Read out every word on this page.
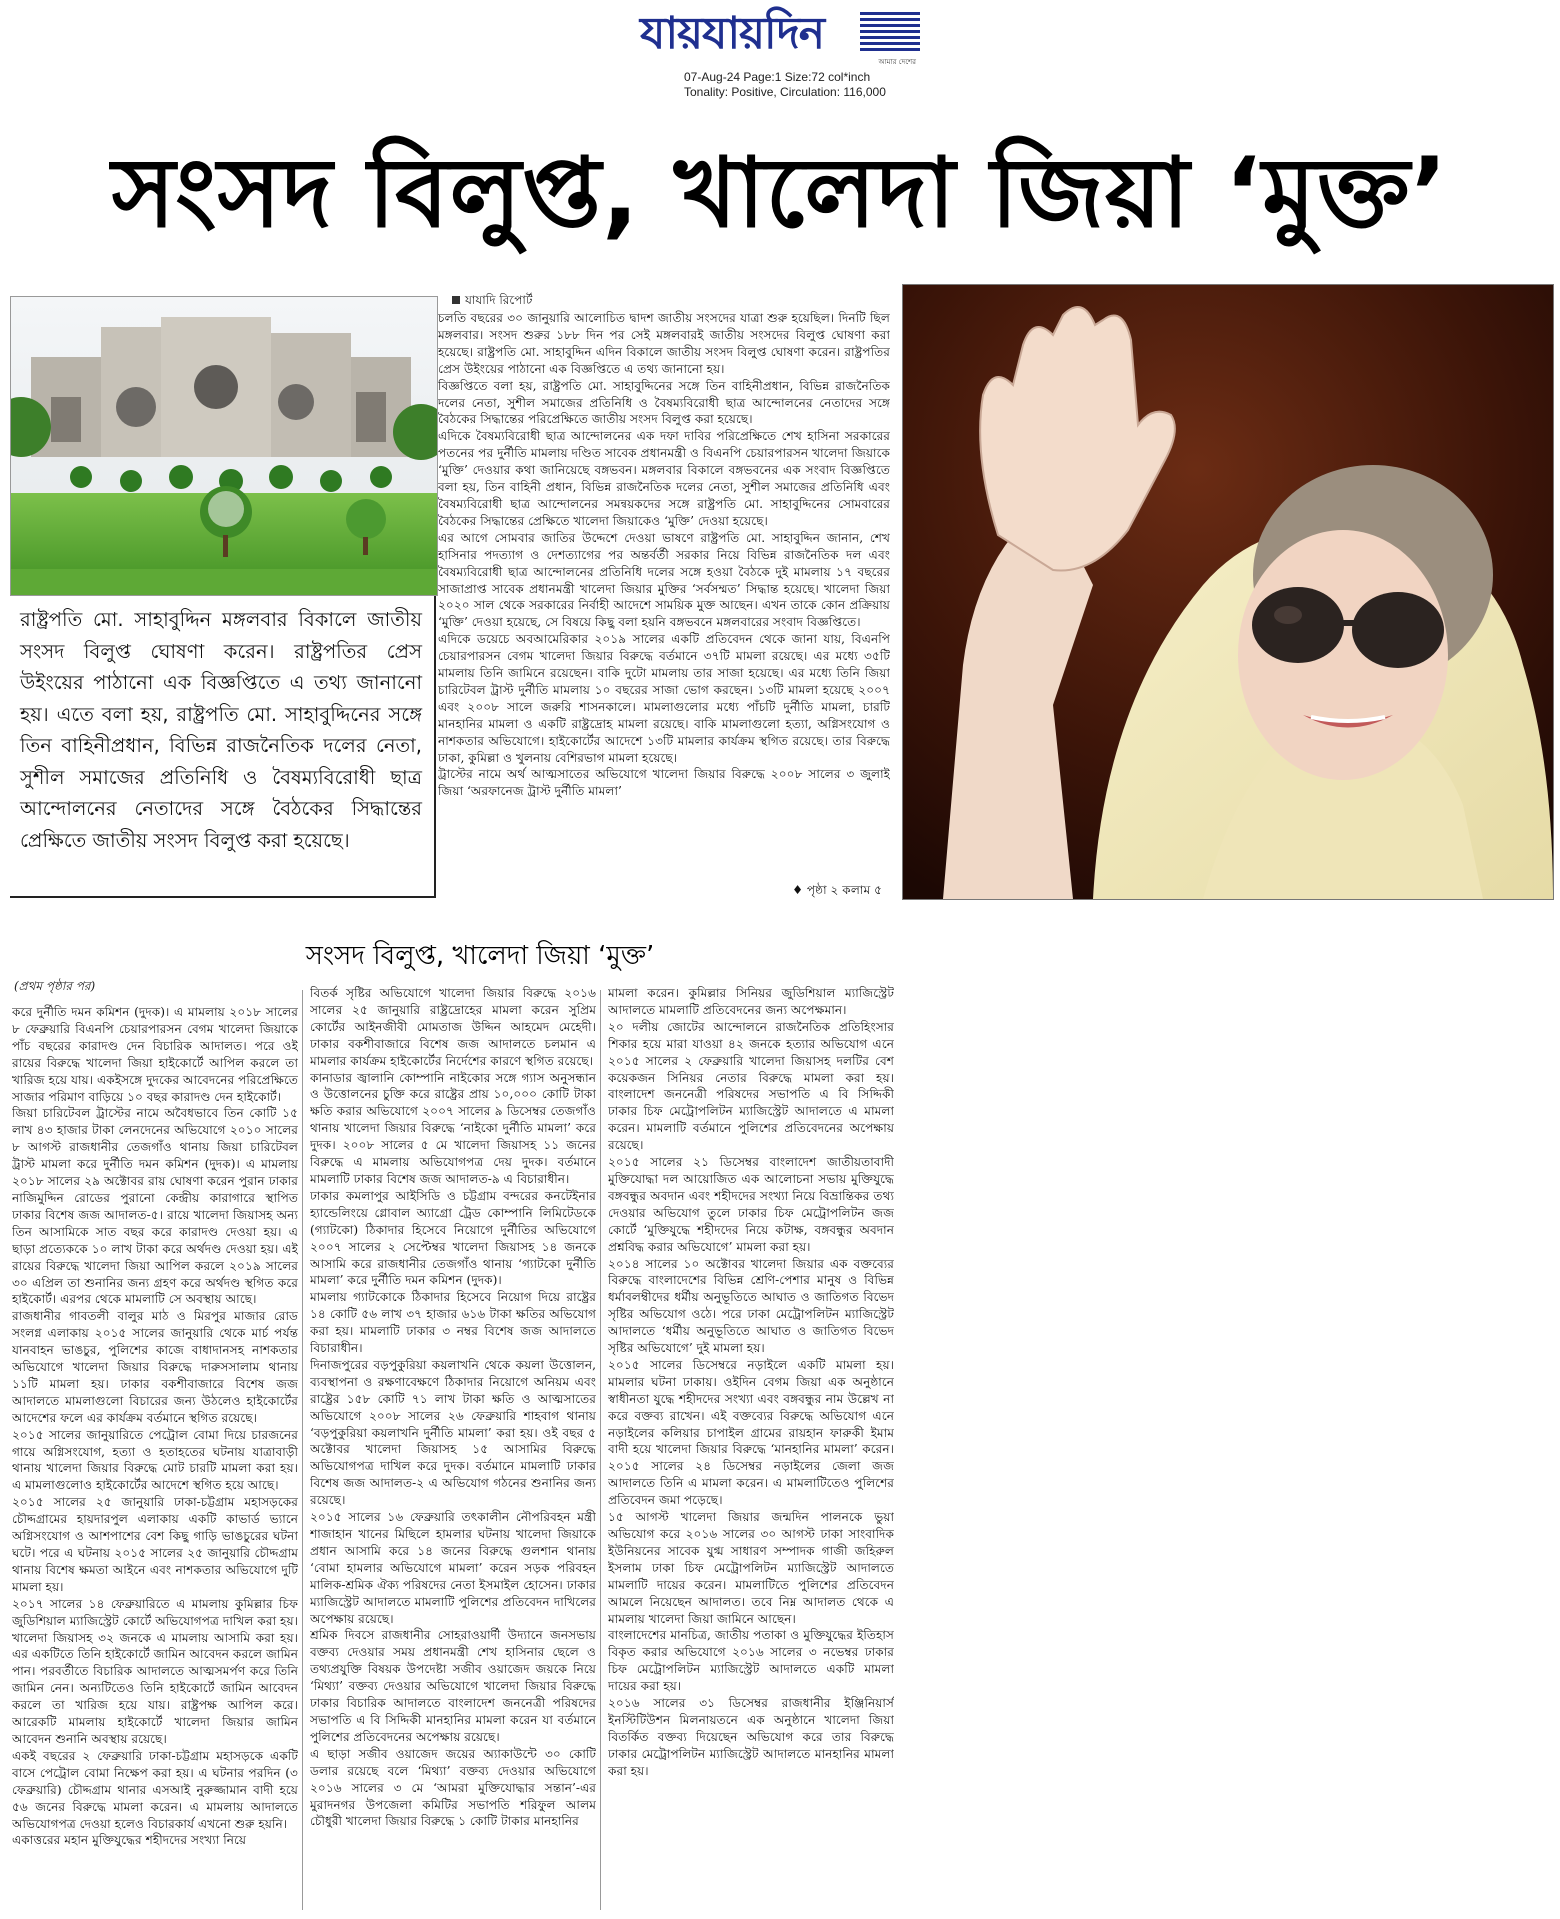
যায়যায়দিন
আমার দেশের
07-Aug-24 Page:1 Size:72 col*inch
Tonality: Positive, Circulation: 116,000
সংসদ বিলুপ্ত, খালেদা জিয়া ‘মুক্ত’

রাষ্ট্রপতি মো. সাহাবুদ্দিন মঙ্গলবার বিকালে জাতীয় সংসদ বিলুপ্ত ঘোষণা করেন। রাষ্ট্রপতির প্রেস উইংয়ের পাঠানো এক বিজ্ঞপ্তিতে এ তথ্য জানানো হয়। এতে বলা হয়, রাষ্ট্রপতি মো. সাহাবুদ্দিনের সঙ্গে তিন বাহিনীপ্রধান, বিভিন্ন রাজনৈতিক দলের নেতা, সুশীল সমাজের প্রতিনিধি ও বৈষম্যবিরোধী ছাত্র আন্দোলনের নেতাদের সঙ্গে বৈঠকের সিদ্ধান্তের প্রেক্ষিতে জাতীয় সংসদ বিলুপ্ত করা হয়েছে।

যাযাদি রিপোর্ট

চলতি বছরের ৩০ জানুয়ারি আলোচিত দ্বাদশ জাতীয় সংসদের যাত্রা শুরু হয়েছিল। দিনটি ছিল মঙ্গলবার। সংসদ শুরুর ১৮৮ দিন পর সেই মঙ্গলবারই জাতীয় সংসদের বিলুপ্ত ঘোষণা করা হয়েছে। রাষ্ট্রপতি মো. সাহাবুদ্দিন এদিন বিকালে জাতীয় সংসদ বিলুপ্ত ঘোষণা করেন। রাষ্ট্রপতির প্রেস উইংয়ের পাঠানো এক বিজ্ঞপ্তিতে এ তথ্য জানানো হয়।

বিজ্ঞপ্তিতে বলা হয়, রাষ্ট্রপতি মো. সাহাবুদ্দিনের সঙ্গে তিন বাহিনীপ্রধান, বিভিন্ন রাজনৈতিক দলের নেতা, সুশীল সমাজের প্রতিনিধি ও বৈষম্যবিরোধী ছাত্র আন্দোলনের নেতাদের সঙ্গে বৈঠকের সিদ্ধান্তের পরিপ্রেক্ষিতে জাতীয় সংসদ বিলুপ্ত করা হয়েছে।

এদিকে বৈষম্যবিরোধী ছাত্র আন্দোলনের এক দফা দাবির পরিপ্রেক্ষিতে শেখ হাসিনা সরকারের পতনের পর দুর্নীতি মামলায় দণ্ডিত সাবেক প্রধানমন্ত্রী ও বিএনপি চেয়ারপারসন খালেদা জিয়াকে ‘মুক্তি’ দেওয়ার কথা জানিয়েছে বঙ্গভবন। মঙ্গলবার বিকালে বঙ্গভবনের এক সংবাদ বিজ্ঞপ্তিতে বলা হয়, তিন বাহিনী প্রধান, বিভিন্ন রাজনৈতিক দলের নেতা, সুশীল সমাজের প্রতিনিধি এবং বৈষম্যবিরোধী ছাত্র আন্দোলনের সমন্বয়কদের সঙ্গে রাষ্ট্রপতি মো. সাহাবুদ্দিনের সোমবারের বৈঠকের সিদ্ধান্তের প্রেক্ষিতে খালেদা জিয়াকেও ‘মুক্তি’ দেওয়া হয়েছে।

এর আগে সোমবার জাতির উদ্দেশে দেওয়া ভাষণে রাষ্ট্রপতি মো. সাহাবুদ্দিন জানান, শেখ হাসিনার পদত্যাগ ও দেশত্যাগের পর অন্তর্বর্তী সরকার নিয়ে বিভিন্ন রাজনৈতিক দল এবং বৈষম্যবিরোধী ছাত্র আন্দোলনের প্রতিনিধি দলের সঙ্গে হওয়া বৈঠকে দুই মামলায় ১৭ বছরের সাজাপ্রাপ্ত সাবেক প্রধানমন্ত্রী খালেদা জিয়ার মুক্তির ‘সর্বসম্মত’ সিদ্ধান্ত হয়েছে। খালেদা জিয়া ২০২০ সাল থেকে সরকারের নির্বাহী আদেশে সাময়িক মুক্ত আছেন। এখন তাকে কোন প্রক্রিয়ায় ‘মুক্তি’ দেওয়া হয়েছে, সে বিষয়ে কিছু বলা হয়নি বঙ্গভবনে মঙ্গলবারের সংবাদ বিজ্ঞপ্তিতে।

এদিকে ডয়েচে অবআমেরিকার ২০১৯ সালের একটি প্রতিবেদন থেকে জানা যায়, বিএনপি চেয়ারপারসন বেগম খালেদা জিয়ার বিরুদ্ধে বর্তমানে ৩৭টি মামলা রয়েছে। এর মধ্যে ৩৫টি মামলায় তিনি জামিনে রয়েছেন। বাকি দুটো মামলায় তার সাজা হয়েছে। এর মধ্যে তিনি জিয়া চারিটেবল ট্রাস্ট দুর্নীতি মামলায় ১০ বছরের সাজা ভোগ করছেন। ১৩টি মামলা হয়েছে ২০০৭ এবং ২০০৮ সালে জরুরি শাসনকালে। মামলাগুলোর মধ্যে পাঁচটি দুর্নীতি মামলা, চারটি মানহানির মামলা ও একটি রাষ্ট্রদ্রোহ মামলা রয়েছে। বাকি মামলাগুলো হত্যা, অগ্নিসংযোগ ও নাশকতার অভিযোগে। হাইকোর্টের আদেশে ১৩টি মামলার কার্যক্রম স্থগিত রয়েছে। তার বিরুদ্ধে ঢাকা, কুমিল্লা ও খুলনায় বেশিরভাগ মামলা হয়েছে।

ট্রাস্টের নামে অর্থ আত্মসাতের অভিযোগে খালেদা জিয়ার বিরুদ্ধে ২০০৮ সালের ৩ জুলাই জিয়া ‘অরফানেজ ট্রাস্ট দুর্নীতি মামলা’

♦ পৃষ্ঠা ২ কলাম ৫
সংসদ বিলুপ্ত, খালেদা জিয়া ‘মুক্ত’
(প্রথম পৃষ্ঠার পর)

করে দুর্নীতি দমন কমিশন (দুদক)। এ মামলায় ২০১৮ সালের ৮ ফেব্রুয়ারি বিএনপি চেয়ারপারসন বেগম খালেদা জিয়াকে পাঁচ বছরের কারাদণ্ড দেন বিচারিক আদালত। পরে ওই রায়ের বিরুদ্ধে খালেদা জিয়া হাইকোর্টে আপিল করলে তা খারিজ হয়ে যায়। একইসঙ্গে দুদকের আবেদনের পরিপ্রেক্ষিতে সাজার পরিমাণ বাড়িয়ে ১০ বছর কারাদণ্ড দেন হাইকোর্ট।

জিয়া চারিটেবল ট্রাস্টের নামে অবৈধভাবে তিন কোটি ১৫ লাখ ৪৩ হাজার টাকা লেনদেনের অভিযোগে ২০১০ সালের ৮ আগস্ট রাজধানীর তেজগাঁও থানায় জিয়া চারিটেবল ট্রাস্ট মামলা করে দুর্নীতি দমন কমিশন (দুদক)। এ মামলায় ২০১৮ সালের ২৯ অক্টোবর রায় ঘোষণা করেন পুরান ঢাকার নাজিমুদ্দিন রোডের পুরানো কেন্দ্রীয় কারাগারে স্থাপিত ঢাকার বিশেষ জজ আদালত-৫। রায়ে খালেদা জিয়াসহ অন্য তিন আসামিকে সাত বছর করে কারাদণ্ড দেওয়া হয়। এ ছাড়া প্রত্যেককে ১০ লাখ টাকা করে অর্থদণ্ড দেওয়া হয়। এই রায়ের বিরুদ্ধে খালেদা জিয়া আপিল করলে ২০১৯ সালের ৩০ এপ্রিল তা শুনানির জন্য গ্রহণ করে অর্থদণ্ড স্থগিত করে হাইকোর্ট। এরপর থেকে মামলাটি সে অবস্থায় আছে।

রাজধানীর গাবতলী বালুর মাঠ ও মিরপুর মাজার রোড সংলগ্ন এলাকায় ২০১৫ সালের জানুয়ারি থেকে মার্চ পর্যন্ত যানবাহন ভাঙচুর, পুলিশের কাজে বাধাদানসহ নাশকতার অভিযোগে খালেদা জিয়ার বিরুদ্ধে দারুসসালাম থানায় ১১টি মামলা হয়। ঢাকার বকশীবাজারে বিশেষ জজ আদালতে মামলাগুলো বিচারের জন্য উঠলেও হাইকোর্টের আদেশের ফলে এর কার্যক্রম বর্তমানে স্থগিত রয়েছে।

২০১৫ সালের জানুয়ারিতে পেট্রোল বোমা দিয়ে চারজনের গায়ে অগ্নিসংযোগ, হত্যা ও হতাহতের ঘটনায় যাত্রাবাড়ী থানায় খালেদা জিয়ার বিরুদ্ধে মোট চারটি মামলা করা হয়। এ মামলাগুলোও হাইকোর্টের আদেশে স্থগিত হয়ে আছে।

২০১৫ সালের ২৫ জানুয়ারি ঢাকা-চট্টগ্রাম মহাসড়কের চৌদ্দগ্রামের হায়দারপুল এলাকায় একটি কাভার্ড ভ্যানে অগ্নিসংযোগ ও আশপাশের বেশ কিছু গাড়ি ভাঙচুরের ঘটনা ঘটে। পরে এ ঘটনায় ২০১৫ সালের ২৫ জানুয়ারি চৌদ্দগ্রাম থানায় বিশেষ ক্ষমতা আইনে এবং নাশকতার অভিযোগে দুটি মামলা হয়।

২০১৭ সালের ১৪ ফেব্রুয়ারিতে এ মামলায় কুমিল্লার চিফ জুডিশিয়াল ম্যাজিস্ট্রেট কোর্টে অভিযোগপত্র দাখিল করা হয়। খালেদা জিয়াসহ ৩২ জনকে এ মামলায় আসামি করা হয়। এর একটিতে তিনি হাইকোর্টে জামিন আবেদন করলে জামিন পান। পরবর্তীতে বিচারিক আদালতে আত্মসমর্পণ করে তিনি জামিন নেন। অন্যটিতেও তিনি হাইকোর্টে জামিন আবেদন করলে তা খারিজ হয়ে যায়। রাষ্ট্রপক্ষ আপিল করে। আরেকটি মামলায় হাইকোর্টে খালেদা জিয়ার জামিন আবেদন শুনানি অবস্থায় রয়েছে।

একই বছরের ২ ফেব্রুয়ারি ঢাকা-চট্টগ্রাম মহাসড়কে একটি বাসে পেট্রোল বোমা নিক্ষেপ করা হয়। এ ঘটনার পরদিন (৩ ফেব্রুয়ারি) চৌদ্দগ্রাম থানার এসআই নুরুজ্জামান বাদী হয়ে ৫৬ জনের বিরুদ্ধে মামলা করেন। এ মামলায় আদালতে অভিযোগপত্র দেওয়া হলেও বিচারকার্য এখনো শুরু হয়নি।

একাত্তরের মহান মুক্তিযুদ্ধের শহীদদের সংখ্যা নিয়ে

বিতর্ক সৃষ্টির অভিযোগে খালেদা জিয়ার বিরুদ্ধে ২০১৬ সালের ২৫ জানুয়ারি রাষ্ট্রদ্রোহের মামলা করেন সুপ্রিম কোর্টের আইনজীবী মোমতাজ উদ্দিন আহমেদ মেহেদী। ঢাকার বকশীবাজারে বিশেষ জজ আদালতে চলমান এ মামলার কার্যক্রম হাইকোর্টের নির্দেশের কারণে স্থগিত রয়েছে।

কানাডার জ্বালানি কোম্পানি নাইকোর সঙ্গে গ্যাস অনুসন্ধান ও উত্তোলনের চুক্তি করে রাষ্ট্রের প্রায় ১০,০০০ কোটি টাকা ক্ষতি করার অভিযোগে ২০০৭ সালের ৯ ডিসেম্বর তেজগাঁও থানায় খালেদা জিয়ার বিরুদ্ধে ‘নাইকো দুর্নীতি মামলা’ করে দুদক। ২০০৮ সালের ৫ মে খালেদা জিয়াসহ ১১ জনের বিরুদ্ধে এ মামলায় অভিযোগপত্র দেয় দুদক। বর্তমানে মামলাটি ঢাকার বিশেষ জজ আদালত-৯ এ বিচারাধীন।

ঢাকার কমলাপুর আইসিডি ও চট্টগ্রাম বন্দরের কনটেইনার হ্যান্ডেলিংয়ে গ্লোবাল অ্যাগ্রো ট্রেড কোম্পানি লিমিটেডকে (গ্যাটকো) ঠিকাদার হিসেবে নিয়োগে দুর্নীতির অভিযোগে ২০০৭ সালের ২ সেপ্টেম্বর খালেদা জিয়াসহ ১৪ জনকে আসামি করে রাজধানীর তেজগাঁও থানায় ‘গ্যাটকো দুর্নীতি মামলা’ করে দুর্নীতি দমন কমিশন (দুদক)।

মামলায় গ্যাটকোকে ঠিকাদার হিসেবে নিয়োগ দিয়ে রাষ্ট্রের ১৪ কোটি ৫৬ লাখ ৩৭ হাজার ৬১৬ টাকা ক্ষতির অভিযোগ করা হয়। মামলাটি ঢাকার ৩ নম্বর বিশেষ জজ আদালতে বিচারাধীন।

দিনাজপুরের বড়পুকুরিয়া কয়লাখনি থেকে কয়লা উত্তোলন, ব্যবস্থাপনা ও রক্ষণাবেক্ষণে ঠিকাদার নিয়োগে অনিয়ম এবং রাষ্ট্রের ১৫৮ কোটি ৭১ লাখ টাকা ক্ষতি ও আত্মসাতের অভিযোগে ২০০৮ সালের ২৬ ফেব্রুয়ারি শাহবাগ থানায় ‘বড়পুকুরিয়া কয়লাখনি দুর্নীতি মামলা’ করা হয়। ওই বছর ৫ অক্টোবর খালেদা জিয়াসহ ১৫ আসামির বিরুদ্ধে অভিযোগপত্র দাখিল করে দুদক। বর্তমানে মামলাটি ঢাকার বিশেষ জজ আদালত-২ এ অভিযোগ গঠনের শুনানির জন্য রয়েছে।

২০১৫ সালের ১৬ ফেব্রুয়ারি তৎকালীন নৌপরিবহন মন্ত্রী শাজাহান খানের মিছিলে হামলার ঘটনায় খালেদা জিয়াকে প্রধান আসামি করে ১৪ জনের বিরুদ্ধে গুলশান থানায় ‘বোমা হামলার অভিযোগে মামলা’ করেন সড়ক পরিবহন মালিক-শ্রমিক ঐক্য পরিষদের নেতা ইসমাইল হোসেন। ঢাকার ম্যাজিস্ট্রেট আদালতে মামলাটি পুলিশের প্রতিবেদন দাখিলের অপেক্ষায় রয়েছে।

শ্রমিক দিবসে রাজধানীর সোহরাওয়ার্দী উদ্যানে জনসভায় বক্তব্য দেওয়ার সময় প্রধানমন্ত্রী শেখ হাসিনার ছেলে ও তথ্যপ্রযুক্তি বিষয়ক উপদেষ্টা সজীব ওয়াজেদ জয়কে নিয়ে ‘মিথ্যা’ বক্তব্য দেওয়ার অভিযোগে খালেদা জিয়ার বিরুদ্ধে ঢাকার বিচারিক আদালতে বাংলাদেশ জননেত্রী পরিষদের সভাপতি এ বি সিদ্দিকী মানহানির মামলা করেন যা বর্তমানে পুলিশের প্রতিবেদনের অপেক্ষায় রয়েছে।

এ ছাড়া সজীব ওয়াজেদ জয়ের অ্যাকাউন্টে ৩০ কোটি ডলার রয়েছে বলে ‘মিথ্যা’ বক্তব্য দেওয়ার অভিযোগে ২০১৬ সালের ৩ মে ‘আমরা মুক্তিযোদ্ধার সন্তান’-এর মুরাদনগর উপজেলা কমিটির সভাপতি শরিফুল আলম চৌধুরী খালেদা জিয়ার বিরুদ্ধে ১ কোটি টাকার মানহানির

মামলা করেন। কুমিল্লার সিনিয়র জুডিশিয়াল ম্যাজিস্ট্রেট আদালতে মামলাটি প্রতিবেদনের জন্য অপেক্ষমান।

২০ দলীয় জোটের আন্দোলনে রাজনৈতিক প্রতিহিংসার শিকার হয়ে মারা যাওয়া ৪২ জনকে হত্যার অভিযোগ এনে ২০১৫ সালের ২ ফেব্রুয়ারি খালেদা জিয়াসহ দলটির বেশ কয়েকজন সিনিয়র নেতার বিরুদ্ধে মামলা করা হয়। বাংলাদেশ জননেত্রী পরিষদের সভাপতি এ বি সিদ্দিকী ঢাকার চিফ মেট্রোপলিটন ম্যাজিস্ট্রেট আদালতে এ মামলা করেন। মামলাটি বর্তমানে পুলিশের প্রতিবেদনের অপেক্ষায় রয়েছে।

২০১৫ সালের ২১ ডিসেম্বর বাংলাদেশ জাতীয়তাবাদী মুক্তিযোদ্ধা দল আয়োজিত এক আলোচনা সভায় মুক্তিযুদ্ধে বঙ্গবন্ধুর অবদান এবং শহীদদের সংখ্যা নিয়ে বিভ্রান্তিকর তথ্য দেওয়ার অভিযোগ তুলে ঢাকার চিফ মেট্রোপলিটন জজ কোর্টে ‘মুক্তিযুদ্ধে শহীদদের নিয়ে কটাক্ষ, বঙ্গবন্ধুর অবদান প্রশ্নবিদ্ধ করার অভিযোগে’ মামলা করা হয়।

২০১৪ সালের ১০ অক্টোবর খালেদা জিয়ার এক বক্তব্যের বিরুদ্ধে বাংলাদেশের বিভিন্ন শ্রেণি-পেশার মানুষ ও বিভিন্ন ধর্মাবলম্বীদের ধর্মীয় অনুভূতিতে আঘাত ও জাতিগত বিভেদ সৃষ্টির অভিযোগ ওঠে। পরে ঢাকা মেট্রোপলিটন ম্যাজিস্ট্রেট আদালতে ‘ধর্মীয় অনুভূতিতে আঘাত ও জাতিগত বিভেদ সৃষ্টির অভিযোগে’ দুই মামলা হয়।

২০১৫ সালের ডিসেম্বরে নড়াইলে একটি মামলা হয়। মামলার ঘটনা ঢাকায়। ওইদিন বেগম জিয়া এক অনুষ্ঠানে স্বাধীনতা যুদ্ধে শহীদদের সংখ্যা এবং বঙ্গবন্ধুর নাম উল্লেখ না করে বক্তব্য রাখেন। এই বক্তব্যের বিরুদ্ধে অভিযোগ এনে নড়াইলের কলিয়ার চাপাইল গ্রামের রায়হান ফারুকী ইমাম বাদী হয়ে খালেদা জিয়ার বিরুদ্ধে ‘মানহানির মামলা’ করেন। ২০১৫ সালের ২৪ ডিসেম্বর নড়াইলের জেলা জজ আদালতে তিনি এ মামলা করেন। এ মামলাটিতেও পুলিশের প্রতিবেদন জমা পড়েছে।

১৫ আগস্ট খালেদা জিয়ার জন্মদিন পালনকে ভুয়া অভিযোগ করে ২০১৬ সালের ৩০ আগস্ট ঢাকা সাংবাদিক ইউনিয়নের সাবেক যুগ্ম সাধারণ সম্পাদক গাজী জহিরুল ইসলাম ঢাকা চিফ মেট্রোপলিটন ম্যাজিস্ট্রেট আদালতে মামলাটি দায়ের করেন। মামলাটিতে পুলিশের প্রতিবেদন আমলে নিয়েছেন আদালত। তবে নিম্ন আদালত থেকে এ মামলায় খালেদা জিয়া জামিনে আছেন।

বাংলাদেশের মানচিত্র, জাতীয় পতাকা ও মুক্তিযুদ্ধের ইতিহাস বিকৃত করার অভিযোগে ২০১৬ সালের ৩ নভেম্বর ঢাকার চিফ মেট্রোপলিটন ম্যাজিস্ট্রেট আদালতে একটি মামলা দায়ের করা হয়।

২০১৬ সালের ৩১ ডিসেম্বর রাজধানীর ইঞ্জিনিয়ার্স ইনস্টিটিউশন মিলনায়তনে এক অনুষ্ঠানে খালেদা জিয়া বিতর্কিত বক্তব্য দিয়েছেন অভিযোগ করে তার বিরুদ্ধে ঢাকার মেট্রোপলিটন ম্যাজিস্ট্রেট আদালতে মানহানির মামলা করা হয়।
